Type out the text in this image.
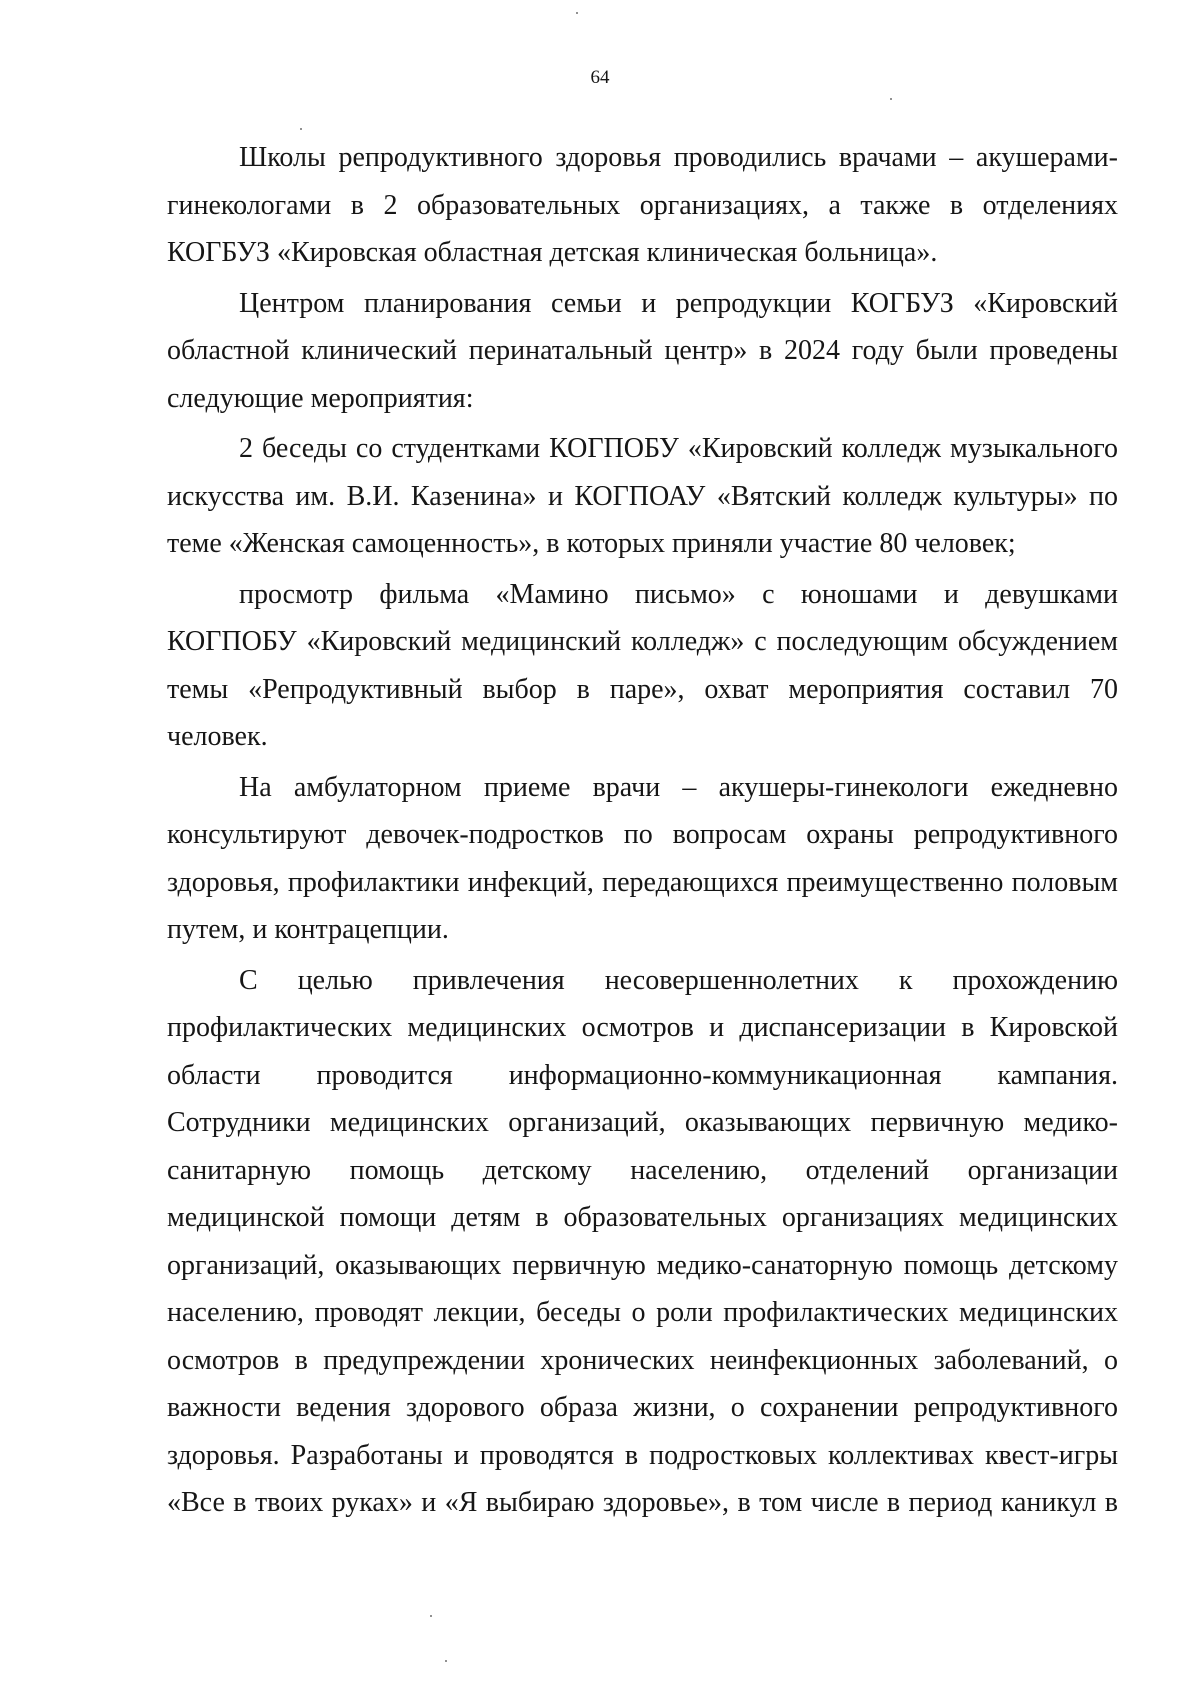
64

Школы репродуктивного здоровья проводились врачами – акушерами-гинекологами в 2 образовательных организациях, а также в отделениях КОГБУЗ «Кировская областная детская клиническая больница».

Центром планирования семьи и репродукции КОГБУЗ «Кировский областной клинический перинатальный центр» в 2024 году были проведены следующие мероприятия:

2 беседы со студентками КОГПОБУ «Кировский колледж музыкального искусства им. В.И. Казенина» и КОГПОАУ «Вятский колледж культуры» по теме «Женская самоценность», в которых приняли участие 80 человек;

просмотр фильма «Мамино письмо» с юношами и девушками КОГПОБУ «Кировский медицинский колледж» с последующим обсуждением темы «Репродуктивный выбор в паре», охват мероприятия составил 70 человек.

На амбулаторном приеме врачи – акушеры-гинекологи ежедневно консультируют девочек-подростков по вопросам охраны репродуктивного здоровья, профилактики инфекций, передающихся преимущественно половым путем, и контрацепции.

С целью привлечения несовершеннолетних к прохождению профилактических медицинских осмотров и диспансеризации в Кировской области проводится информационно-коммуникационная кампания. Сотрудники медицинских организаций, оказывающих первичную медико-санитарную помощь детскому населению, отделений организации медицинской помощи детям в образовательных организациях медицинских организаций, оказывающих первичную медико-санаторную помощь детскому населению, проводят лекции, беседы о роли профилактических медицинских осмотров в предупреждении хронических неинфекционных заболеваний, о важности ведения здорового образа жизни, о сохранении репродуктивного здоровья. Разработаны и проводятся в подростковых коллективах квест-игры «Все в твоих руках» и «Я выбираю здоровье», в том числе в период каникул в
